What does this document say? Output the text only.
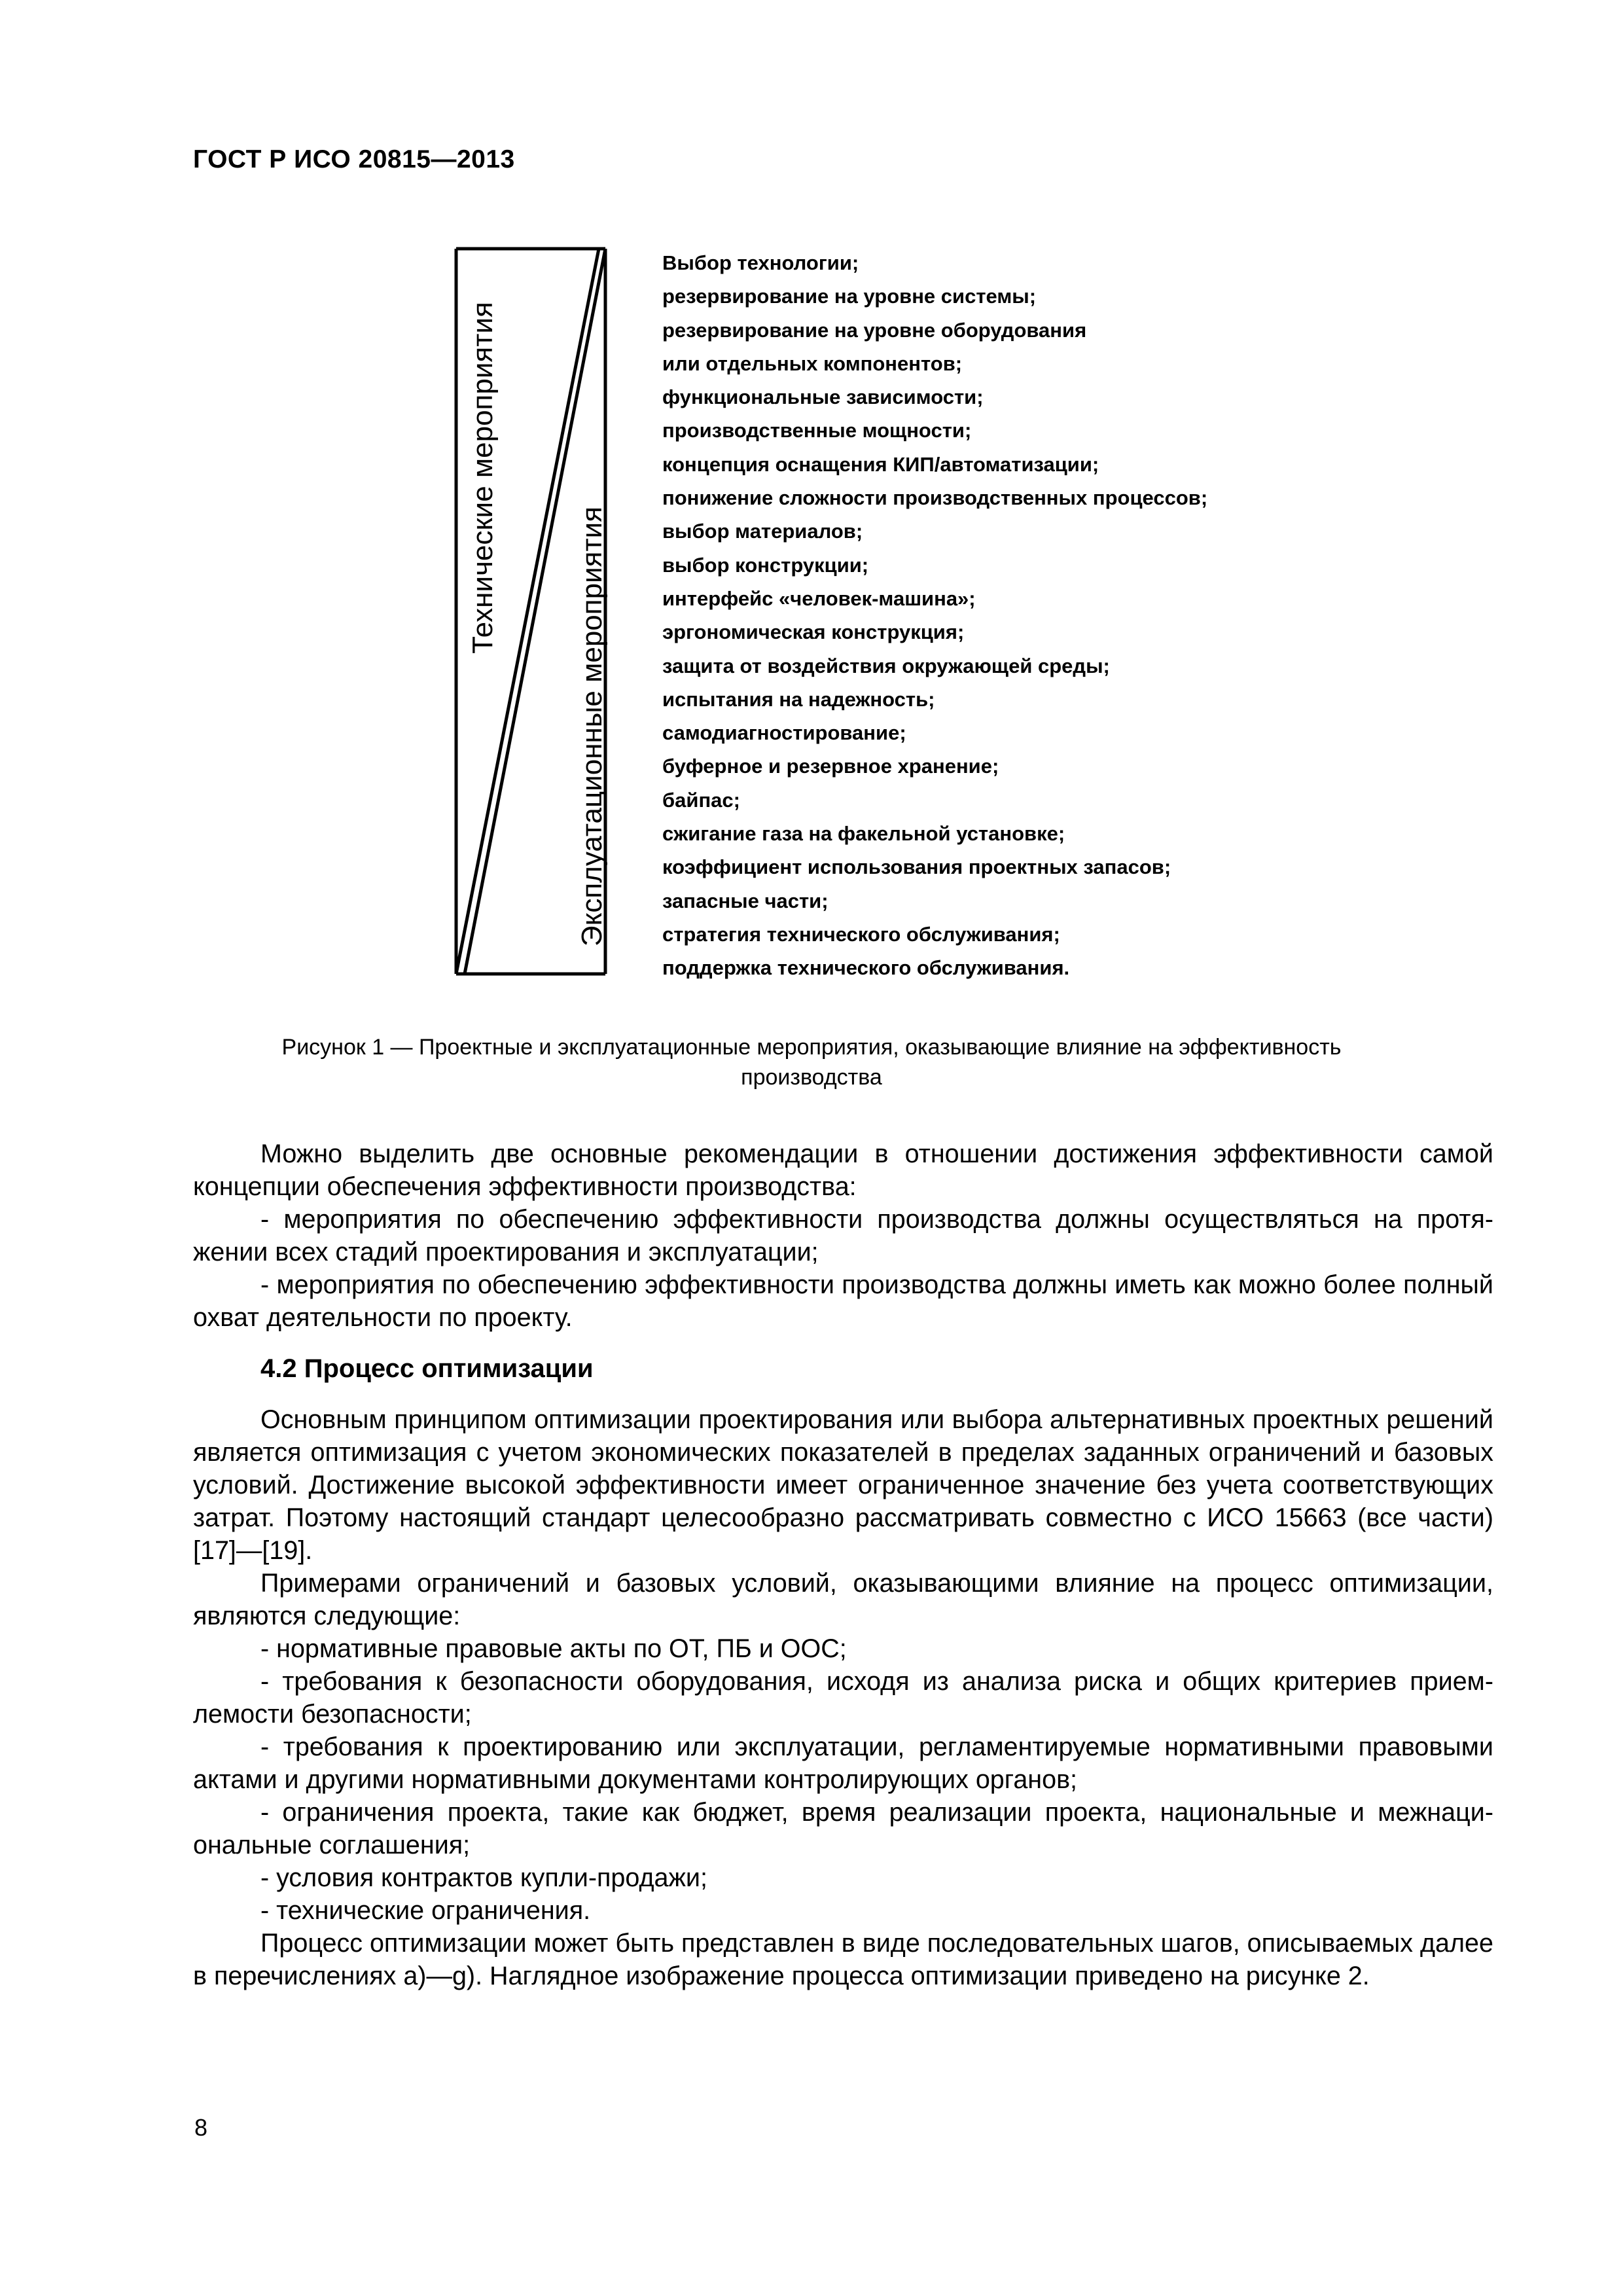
ГОСТ Р ИСО 20815—2013
Технические мероприятия
Эксплуатационные мероприятия
Выбор технологии;
резервирование на уровне системы;
резервирование на уровне оборудования
или отдельных компонентов;
функциональные зависимости;
производственные мощности;
концепция оснащения КИП/автоматизации;
понижение сложности производственных процессов;
выбор материалов;
выбор конструкции;
интерфейс «человек-машина»;
эргономическая конструкция;
защита от воздействия окружающей среды;
испытания на надежность;
самодиагностирование;
буферное и резервное хранение;
байпас;
сжигание газа на факельной установке;
коэффициент использования проектных запасов;
запасные части;
стратегия технического обслуживания;
поддержка технического обслуживания.
Рисунок 1 — Проектные и эксплуатационные мероприятия, оказывающие влияние на эффективность
производства

Можно выделить две основные рекомендации в отношении достижения эффективности самой концепции обеспечения эффективности производства:

- мероприятия по обеспечению эффективности производства должны осуществляться на протяжении всех стадий проектирования и эксплуатации;

- мероприятия по обеспечению эффективности производства должны иметь как можно более полный охват деятельности по проекту.

4.2 Процесс оптимизации

Основным принципом оптимизации проектирования или выбора альтернативных проектных решений является оптимизация с учетом экономических показателей в пределах заданных ограничений и базовых условий. Достижение высокой эффективности имеет ограниченное значение без учета соответствующих затрат. Поэтому настоящий стандарт целесообразно рассматривать совместно с ИСО 15663 (все части) [17]—[19].

Примерами ограничений и базовых условий, оказывающими влияние на процесс оптимизации, являются следующие:

- нормативные правовые акты по ОТ, ПБ и ООС;

- требования к безопасности оборудования, исходя из анализа риска и общих критериев приемлемости безопасности;

- требования к проектированию или эксплуатации, регламентируемые нормативными правовыми актами и другими нормативными документами контролирующих органов;

- ограничения проекта, такие как бюджет, время реализации проекта, национальные и межнациональные соглашения;

- условия контрактов купли-продажи;

- технические ограничения.

Процесс оптимизации может быть представлен в виде последовательных шагов, описываемых далее в перечислениях а)—g). Наглядное изображение процесса оптимизации приведено на рисунке 2.

8
